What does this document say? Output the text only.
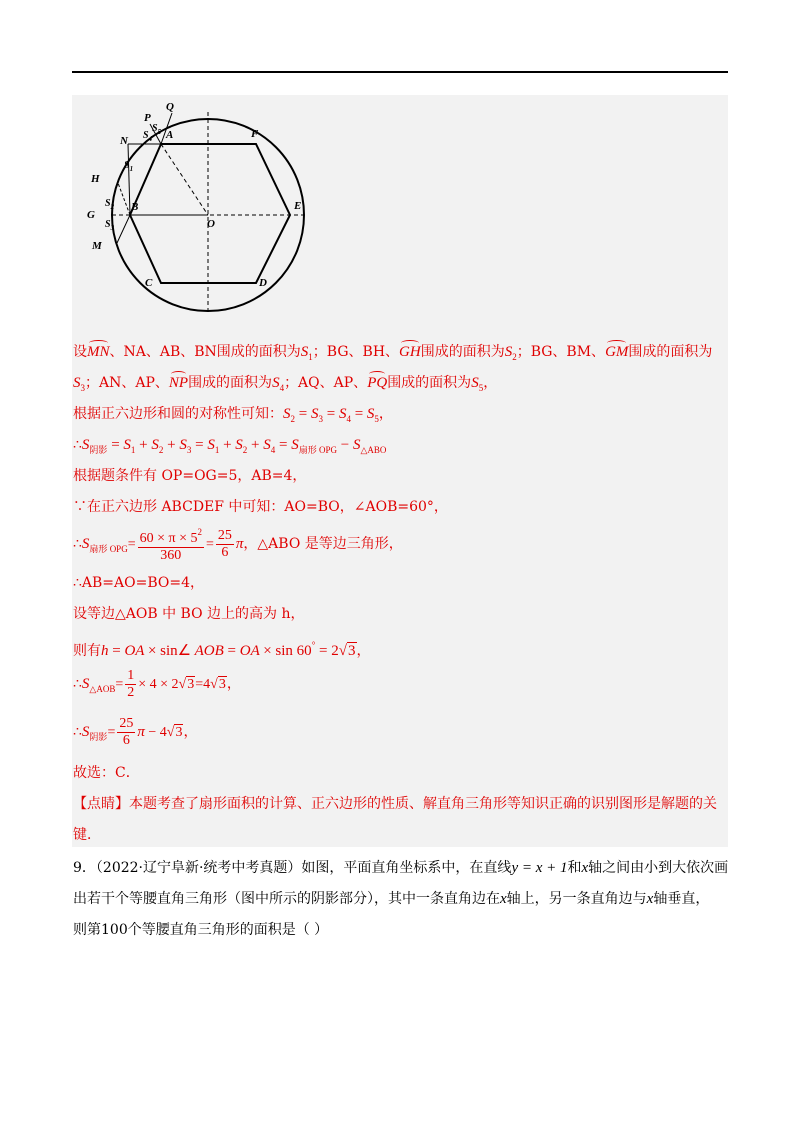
Q
P
N	A	F
H
G
B
O
E
M
C	D
$S_1$
$S_2$
$S_3$
$S_4$
$S_5$
设MN、NA、AB、BN围成的面积为$S_1$；BG、BH、GH围成的面积为$S_2$；BG、BM、GM围成的面积为
$S_3$；AN、AP、NP围成的面积为$S_4$；AQ、AP、PQ围成的面积为$S_5$，
根据正六边形和圆的对称性可知：$S_2 = S_3 = S_4 = S_5$，
$\therefore S_{阴影} = S_1 + S_2 + S_3 = S_1 + S_2 + S_4 = S_{扇形 OPG} - S_{\triangle ABO}$
根据题条件有 OP=OG=5，AB=4，
∵在正六边形 ABCDEF 中可知：AO=BO，∠AOB=60°，
$\therefore S_{扇形 OPG}= \frac{60 \times \pi \times 5^2}{360} = \frac{25}{6}$ π，△ABO 是等边三角形，
∴AB=AO=BO=4，
设等边△AOB 中 BO 边上的高为 h，
则有h = OA × sin∠ AOB = OA × sin 60° = 2√3，
$\therefore S_{\triangle AOB}= \frac{1}{2} \times 4 \times 2√3=4√3$，
$\therefore S_{阴影}= \frac{25}{6}$ π − 4√3，
故选：C．
【点睛】本题考查了扇形面积的计算、正六边形的性质、解直角三角形等知识正确的识别图形是解题的关
键．
9．（2022·辽宁阜新·统考中考真题）如图，平面直角坐标系中，在直线y = x + 1和x轴之间由小到大依次画
出若干个等腰直角三角形（图中所示的阴影部分），其中一条直角边在x轴上，另一条直角边与x轴垂直，
则第100个等腰直角三角形的面积是（ ）
